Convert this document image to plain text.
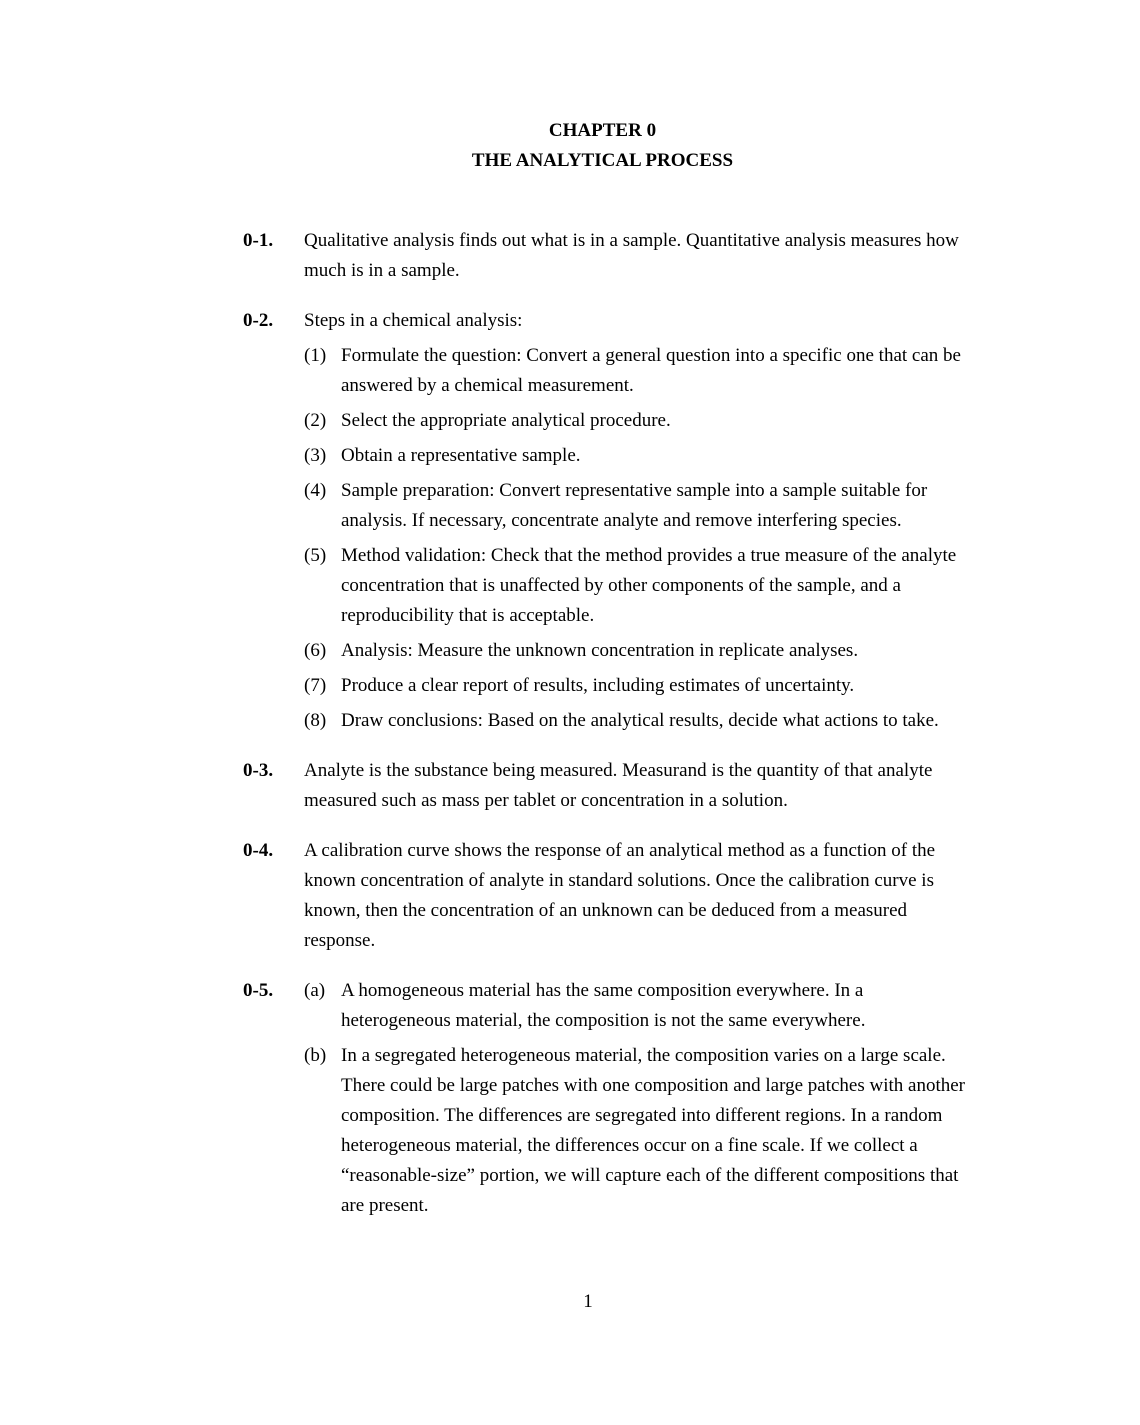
CHAPTER 0
THE ANALYTICAL PROCESS
0-1.	Qualitative analysis finds out what is in a sample. Quantitative analysis measures how much is in a sample.
0-2.	Steps in a chemical analysis:
(1) Formulate the question: Convert a general question into a specific one that can be answered by a chemical measurement.
(2) Select the appropriate analytical procedure.
(3) Obtain a representative sample.
(4) Sample preparation: Convert representative sample into a sample suitable for analysis. If necessary, concentrate analyte and remove interfering species.
(5) Method validation: Check that the method provides a true measure of the analyte concentration that is unaffected by other components of the sample, and a reproducibility that is acceptable.
(6) Analysis: Measure the unknown concentration in replicate analyses.
(7) Produce a clear report of results, including estimates of uncertainty.
(8) Draw conclusions: Based on the analytical results, decide what actions to take.
0-3.	Analyte is the substance being measured. Measurand is the quantity of that analyte measured such as mass per tablet or concentration in a solution.
0-4.	A calibration curve shows the response of an analytical method as a function of the known concentration of analyte in standard solutions. Once the calibration curve is known, then the concentration of an unknown can be deduced from a measured response.
0-5.	(a) A homogeneous material has the same composition everywhere. In a heterogeneous material, the composition is not the same everywhere.
(b) In a segregated heterogeneous material, the composition varies on a large scale. There could be large patches with one composition and large patches with another composition. The differences are segregated into different regions. In a random heterogeneous material, the differences occur on a fine scale. If we collect a “reasonable-size” portion, we will capture each of the different compositions that are present.
1
